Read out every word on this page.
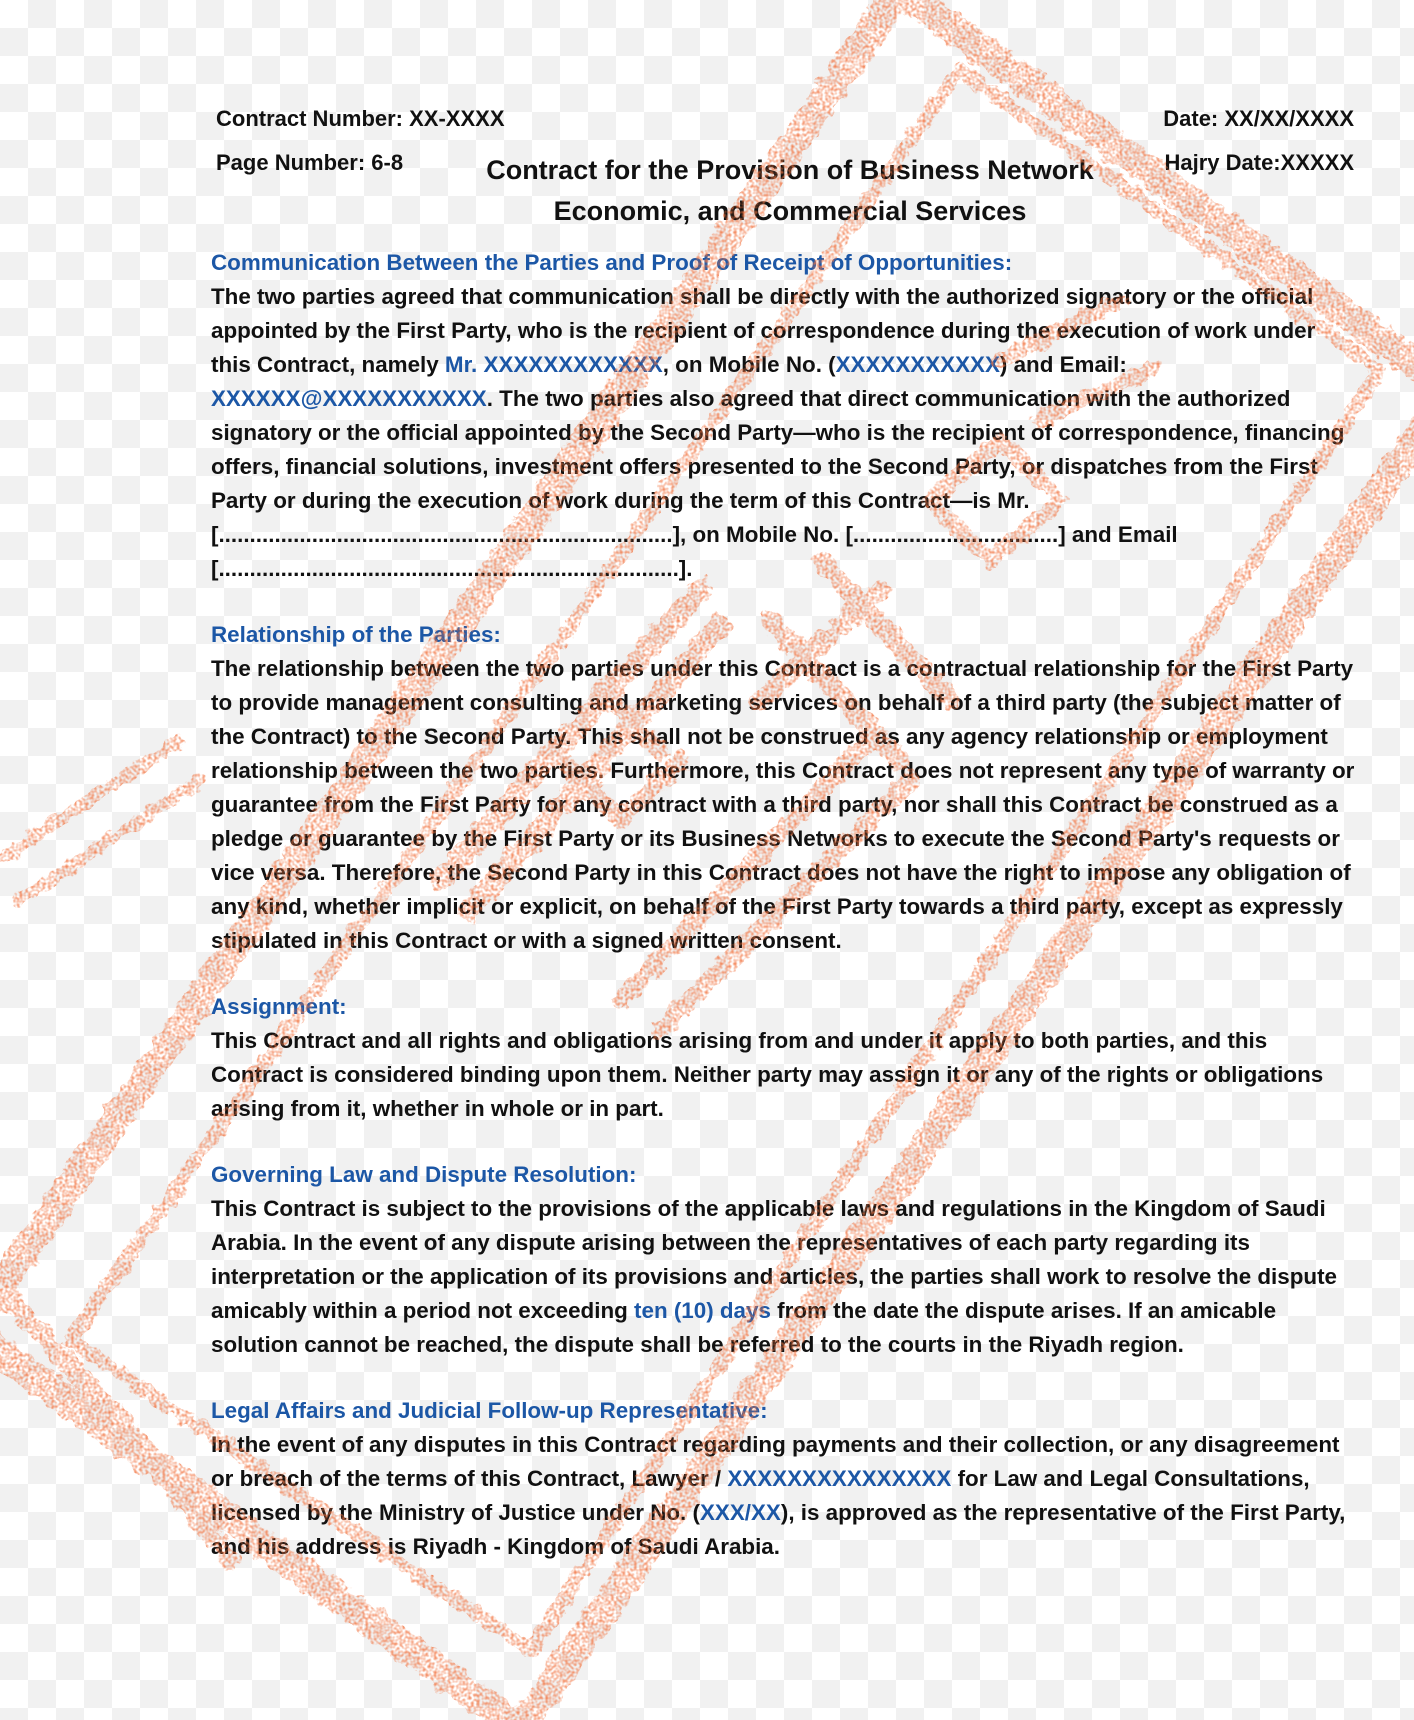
Contract Number: XX-XXXX
Page Number: 6-8
Date: XX/XX/XXXX
Hajry Date:XXXXX
Contract for the Provision of Business Network
Economic, and Commercial Services
Communication Between the Parties and Proof of Receipt of Opportunities:
The two parties agreed that communication shall be directly with the authorized signatory or the official appointed by the First Party, who is the recipient of correspondence during the execution of work under this Contract, namely Mr. XXXXXXXXXXXX, on Mobile No. (XXXXXXXXXXX) and Email: XXXXXX@XXXXXXXXXXX. The two parties also agreed that direct communication with the authorized signatory or the official appointed by the Second Party—who is the recipient of correspondence, financing offers, financial solutions, investment offers presented to the Second Party, or dispatches from the First Party or during the execution of work during the term of this Contract—is Mr. [.........................................................................], on Mobile No. [.................................] and Email [..........................................................................].
Relationship of the Parties:
The relationship between the two parties under this Contract is a contractual relationship for the First Party to provide management consulting and marketing services on behalf of a third party (the subject matter of the Contract) to the Second Party. This shall not be construed as any agency relationship or employment relationship between the two parties. Furthermore, this Contract does not represent any type of warranty or guarantee from the First Party for any contract with a third party, nor shall this Contract be construed as a pledge or guarantee by the First Party or its Business Networks to execute the Second Party's requests or vice versa. Therefore, the Second Party in this Contract does not have the right to impose any obligation of any kind, whether implicit or explicit, on behalf of the First Party towards a third party, except as expressly stipulated in this Contract or with a signed written consent.
Assignment:
This Contract and all rights and obligations arising from and under it apply to both parties, and this Contract is considered binding upon them. Neither party may assign it or any of the rights or obligations arising from it, whether in whole or in part.
Governing Law and Dispute Resolution:
This Contract is subject to the provisions of the applicable laws and regulations in the Kingdom of Saudi Arabia. In the event of any dispute arising between the representatives of each party regarding its interpretation or the application of its provisions and articles, the parties shall work to resolve the dispute amicably within a period not exceeding ten (10) days from the date the dispute arises. If an amicable solution cannot be reached, the dispute shall be referred to the courts in the Riyadh region.
Legal Affairs and Judicial Follow-up Representative:
In the event of any disputes in this Contract regarding payments and their collection, or any disagreement or breach of the terms of this Contract, Lawyer / XXXXXXXXXXXXXXX for Law and Legal Consultations, licensed by the Ministry of Justice under No. (XXX/XX), is approved as the representative of the First Party, and his address is Riyadh - Kingdom of Saudi Arabia.
